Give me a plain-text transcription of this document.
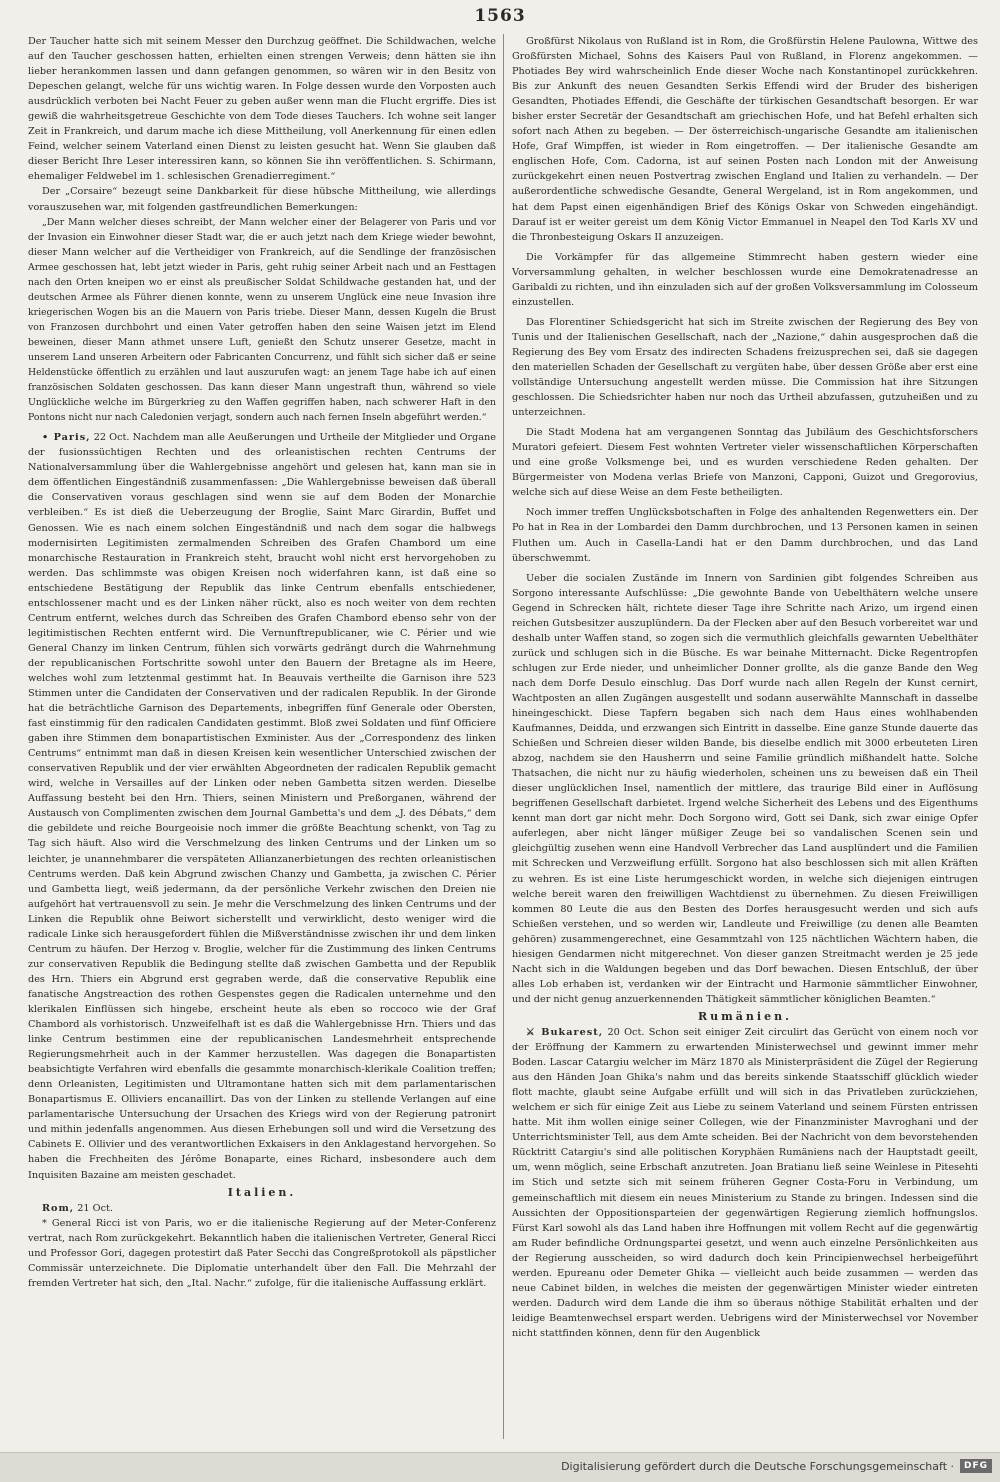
1563

Der Taucher hatte sich mit seinem Messer den Durchzug geöffnet. Die Schildwachen, welche auf den Taucher geschossen hatten, erhielten einen strengen Verweis; denn hätten sie ihn lieber herankommen lassen und dann gefangen genommen, so wären wir in den Besitz von Depeschen gelangt, welche für uns wichtig waren. In Folge dessen wurde den Vorposten auch ausdrücklich verboten bei Nacht Feuer zu geben außer wenn man die Flucht ergriffe. Dies ist gewiß die wahrheitsgetreue Geschichte von dem Tode dieses Tauchers. Ich wohne seit langer Zeit in Frankreich, und darum mache ich diese Mittheilung, voll Anerkennung für einen edlen Feind, welcher seinem Vaterland einen Dienst zu leisten gesucht hat. Wenn Sie glauben daß dieser Bericht Ihre Leser interessiren kann, so können Sie ihn veröffentlichen. S. Schirmann, ehemaliger Feldwebel im 1. schlesischen Grenadierregiment.“

Der „Corsaire“ bezeugt seine Dankbarkeit für diese hübsche Mittheilung, wie allerdings vorauszusehen war, mit folgenden gastfreundlichen Bemerkungen:

„Der Mann welcher dieses schreibt, der Mann welcher einer der Belagerer von Paris und vor der Invasion ein Einwohner dieser Stadt war, die er auch jetzt nach dem Kriege wieder bewohnt, dieser Mann welcher auf die Vertheidiger von Frankreich, auf die Sendlinge der französischen Armee geschossen hat, lebt jetzt wieder in Paris, geht ruhig seiner Arbeit nach und an Festtagen nach den Orten kneipen wo er einst als preußischer Soldat Schildwache gestanden hat, und der deutschen Armee als Führer dienen konnte, wenn zu unserem Unglück eine neue Invasion ihre kriegerischen Wogen bis an die Mauern von Paris triebe. Dieser Mann, dessen Kugeln die Brust von Franzosen durchbohrt und einen Vater getroffen haben den seine Waisen jetzt im Elend beweinen, dieser Mann athmet unsere Luft, genießt den Schutz unserer Gesetze, macht in unserem Land unseren Arbeitern oder Fabricanten Concurrenz, und fühlt sich sicher daß er seine Heldenstücke öffentlich zu erzählen und laut auszurufen wagt: an jenem Tage habe ich auf einen französischen Soldaten geschossen. Das kann dieser Mann ungestraft thun, während so viele Unglückliche welche im Bürgerkrieg zu den Waffen gegriffen haben, nach schwerer Haft in den Pontons nicht nur nach Caledonien verjagt, sondern auch nach fernen Inseln abgeführt werden.“

• Paris, 22 Oct. Nachdem man alle Aeußerungen und Urtheile der Mitglieder und Organe der fusionssüchtigen Rechten und des orleanistischen rechten Centrums der Nationalversammlung über die Wahlergebnisse angehört und gelesen hat, kann man sie in dem öffentlichen Eingeständniß zusammenfassen: „Die Wahlergebnisse beweisen daß überall die Conservativen voraus geschlagen sind wenn sie auf dem Boden der Monarchie verbleiben.“ Es ist dieß die Ueberzeugung der Broglie, Saint Marc Girardin, Buffet und Genossen. Wie es nach einem solchen Eingeständniß und nach dem sogar die halbwegs modernisirten Legitimisten zermalmenden Schreiben des Grafen Chambord um eine monarchische Restauration in Frankreich steht, braucht wohl nicht erst hervorgehoben zu werden. Das schlimmste was obigen Kreisen noch widerfahren kann, ist daß eine so entschiedene Bestätigung der Republik das linke Centrum ebenfalls entschiedener, entschlossener macht und es der Linken näher rückt, also es noch weiter von dem rechten Centrum entfernt, welches durch das Schreiben des Grafen Chambord ebenso sehr von der legitimistischen Rechten entfernt wird. Die Vernunftrepublicaner, wie C. Périer und wie General Chanzy im linken Centrum, fühlen sich vorwärts gedrängt durch die Wahrnehmung der republicanischen Fortschritte sowohl unter den Bauern der Bretagne als im Heere, welches wohl zum letztenmal gestimmt hat. In Beauvais vertheilte die Garnison ihre 523 Stimmen unter die Candidaten der Conservativen und der radicalen Republik. In der Gironde hat die beträchtliche Garnison des Departements, inbegriffen fünf Generale oder Obersten, fast einstimmig für den radicalen Candidaten gestimmt. Bloß zwei Soldaten und fünf Officiere gaben ihre Stimmen dem bonapartistischen Exminister. Aus der „Correspondenz des linken Centrums“ entnimmt man daß in diesen Kreisen kein wesentlicher Unterschied zwischen der conservativen Republik und der vier erwählten Abgeordneten der radicalen Republik gemacht wird, welche in Versailles auf der Linken oder neben Gambetta sitzen werden. Dieselbe Auffassung besteht bei den Hrn. Thiers, seinen Ministern und Preßorganen, während der Austausch von Complimenten zwischen dem Journal Gambetta's und dem „J. des Débats,“ dem die gebildete und reiche Bourgeoisie noch immer die größte Beachtung schenkt, von Tag zu Tag sich häuft. Also wird die Verschmelzung des linken Centrums und der Linken um so leichter, je unannehmbarer die verspäteten Allianzanerbietungen des rechten orleanistischen Centrums werden. Daß kein Abgrund zwischen Chanzy und Gambetta, ja zwischen C. Périer und Gambetta liegt, weiß jedermann, da der persönliche Verkehr zwischen den Dreien nie aufgehört hat vertrauensvoll zu sein. Je mehr die Verschmelzung des linken Centrums und der Linken die Republik ohne Beiwort sicherstellt und verwirklicht, desto weniger wird die radicale Linke sich herausgefordert fühlen die Mißverständnisse zwischen ihr und dem linken Centrum zu häufen. Der Herzog v. Broglie, welcher für die Zustimmung des linken Centrums zur conservativen Republik die Bedingung stellte daß zwischen Gambetta und der Republik des Hrn. Thiers ein Abgrund erst gegraben werde, daß die conservative Republik eine fanatische Angstreaction des rothen Gespenstes gegen die Radicalen unternehme und den klerikalen Einflüssen sich hingebe, erscheint heute als eben so roccoco wie der Graf Chambord als vorhistorisch. Unzweifelhaft ist es daß die Wahlergebnisse Hrn. Thiers und das linke Centrum bestimmen eine der republicanischen Landesmehrheit entsprechende Regierungsmehrheit auch in der Kammer herzustellen. Was dagegen die Bonapartisten beabsichtigte Verfahren wird ebenfalls die gesammte monarchisch-klerikale Coalition treffen; denn Orleanisten, Legitimisten und Ultramontane hatten sich mit dem parlamentarischen Bonapartismus E. Olliviers encanaillirt. Das von der Linken zu stellende Verlangen auf eine parlamentarische Untersuchung der Ursachen des Kriegs wird von der Regierung patronirt und mithin jedenfalls angenommen. Aus diesen Erhebungen soll und wird die Versetzung des Cabinets E. Ollivier und des verantwortlichen Exkaisers in den Anklagestand hervorgehen. So haben die Frechheiten des Jérôme Bonaparte, eines Richard, insbesondere auch dem Inquisiten Bazaine am meisten geschadet.

Italien.

Rom, 21 Oct.

* General Ricci ist von Paris, wo er die italienische Regierung auf der Meter-Conferenz vertrat, nach Rom zurückgekehrt. Bekanntlich haben die italienischen Vertreter, General Ricci und Professor Gori, dagegen protestirt daß Pater Secchi das Congreßprotokoll als päpstlicher Commissär unterzeichnete. Die Diplomatie unterhandelt über den Fall. Die Mehrzahl der fremden Vertreter hat sich, den „Ital. Nachr.“ zufolge, für die italienische Auffassung erklärt.

Großfürst Nikolaus von Rußland ist in Rom, die Großfürstin Helene Paulowna, Wittwe des Großfürsten Michael, Sohns des Kaisers Paul von Rußland, in Florenz angekommen. — Photiades Bey wird wahrscheinlich Ende dieser Woche nach Konstantinopel zurückkehren. Bis zur Ankunft des neuen Gesandten Serkis Effendi wird der Bruder des bisherigen Gesandten, Photiades Effendi, die Geschäfte der türkischen Gesandtschaft besorgen. Er war bisher erster Secretär der Gesandtschaft am griechischen Hofe, und hat Befehl erhalten sich sofort nach Athen zu begeben. — Der österreichisch-ungarische Gesandte am italienischen Hofe, Graf Wimpffen, ist wieder in Rom eingetroffen. — Der italienische Gesandte am englischen Hofe, Com. Cadorna, ist auf seinen Posten nach London mit der Anweisung zurückgekehrt einen neuen Postvertrag zwischen England und Italien zu verhandeln. — Der außerordentliche schwedische Gesandte, General Wergeland, ist in Rom angekommen, und hat dem Papst einen eigenhändigen Brief des Königs Oskar von Schweden eingehändigt. Darauf ist er weiter gereist um dem König Victor Emmanuel in Neapel den Tod Karls XV und die Thronbesteigung Oskars II anzuzeigen.

Die Vorkämpfer für das allgemeine Stimmrecht haben gestern wieder eine Vorversammlung gehalten, in welcher beschlossen wurde eine Demokratenadresse an Garibaldi zu richten, und ihn einzuladen sich auf der großen Volksversammlung im Colosseum einzustellen.

Das Florentiner Schiedsgericht hat sich im Streite zwischen der Regierung des Bey von Tunis und der Italienischen Gesellschaft, nach der „Nazione,“ dahin ausgesprochen daß die Regierung des Bey vom Ersatz des indirecten Schadens freizusprechen sei, daß sie dagegen den materiellen Schaden der Gesellschaft zu vergüten habe, über dessen Größe aber erst eine vollständige Untersuchung angestellt werden müsse. Die Commission hat ihre Sitzungen geschlossen. Die Schiedsrichter haben nur noch das Urtheil abzufassen, gutzuheißen und zu unterzeichnen.

Die Stadt Modena hat am vergangenen Sonntag das Jubiläum des Geschichtsforschers Muratori gefeiert. Diesem Fest wohnten Vertreter vieler wissenschaftlichen Körperschaften und eine große Volksmenge bei, und es wurden verschiedene Reden gehalten. Der Bürgermeister von Modena verlas Briefe von Manzoni, Capponi, Guizot und Gregorovius, welche sich auf diese Weise an dem Feste betheiligten.

Noch immer treffen Unglücksbotschaften in Folge des anhaltenden Regenwetters ein. Der Po hat in Rea in der Lombardei den Damm durchbrochen, und 13 Personen kamen in seinen Fluthen um. Auch in Casella-Landi hat er den Damm durchbrochen, und das Land überschwemmt.

Ueber die socialen Zustände im Innern von Sardinien gibt folgendes Schreiben aus Sorgono interessante Aufschlüsse: „Die gewohnte Bande von Uebelthätern welche unsere Gegend in Schrecken hält, richtete dieser Tage ihre Schritte nach Arizo, um irgend einen reichen Gutsbesitzer auszuplündern. Da der Flecken aber auf den Besuch vorbereitet war und deshalb unter Waffen stand, so zogen sich die vermuthlich gleichfalls gewarnten Uebelthäter zurück und schlugen sich in die Büsche. Es war beinahe Mitternacht. Dicke Regentropfen schlugen zur Erde nieder, und unheimlicher Donner grollte, als die ganze Bande den Weg nach dem Dorfe Desulo einschlug. Das Dorf wurde nach allen Regeln der Kunst cernirt, Wachtposten an allen Zugängen ausgestellt und sodann auserwählte Mannschaft in dasselbe hineingeschickt. Diese Tapfern begaben sich nach dem Haus eines wohlhabenden Kaufmannes, Deidda, und erzwangen sich Eintritt in dasselbe. Eine ganze Stunde dauerte das Schießen und Schreien dieser wilden Bande, bis dieselbe endlich mit 3000 erbeuteten Liren abzog, nachdem sie den Hausherrn und seine Familie gründlich mißhandelt hatte. Solche Thatsachen, die nicht nur zu häufig wiederholen, scheinen uns zu beweisen daß ein Theil dieser unglücklichen Insel, namentlich der mittlere, das traurige Bild einer in Auflösung begriffenen Gesellschaft darbietet. Irgend welche Sicherheit des Lebens und des Eigenthums kennt man dort gar nicht mehr. Doch Sorgono wird, Gott sei Dank, sich zwar einige Opfer auferlegen, aber nicht länger müßiger Zeuge bei so vandalischen Scenen sein und gleichgültig zusehen wenn eine Handvoll Verbrecher das Land ausplündert und die Familien mit Schrecken und Verzweiflung erfüllt. Sorgono hat also beschlossen sich mit allen Kräften zu wehren. Es ist eine Liste herumgeschickt worden, in welche sich diejenigen eintrugen welche bereit waren den freiwilligen Wachtdienst zu übernehmen. Zu diesen Freiwilligen kommen 80 Leute die aus den Besten des Dorfes herausgesucht werden und sich aufs Schießen verstehen, und so werden wir, Landleute und Freiwillige (zu denen alle Beamten gehören) zusammengerechnet, eine Gesammtzahl von 125 nächtlichen Wächtern haben, die hiesigen Gendarmen nicht mitgerechnet. Von dieser ganzen Streitmacht werden je 25 jede Nacht sich in die Waldungen begeben und das Dorf bewachen. Diesen Entschluß, der über alles Lob erhaben ist, verdanken wir der Eintracht und Harmonie sämmtlicher Einwohner, und der nicht genug anzuerkennenden Thätigkeit sämmtlicher königlichen Beamten.“

Rumänien.

⚔ Bukarest, 20 Oct. Schon seit einiger Zeit circulirt das Gerücht von einem noch vor der Eröffnung der Kammern zu erwartenden Ministerwechsel und gewinnt immer mehr Boden. Lascar Catargiu welcher im März 1870 als Ministerpräsident die Zügel der Regierung aus den Händen Joan Ghika's nahm und das bereits sinkende Staatsschiff glücklich wieder flott machte, glaubt seine Aufgabe erfüllt und will sich in das Privatleben zurückziehen, welchem er sich für einige Zeit aus Liebe zu seinem Vaterland und seinem Fürsten entrissen hatte. Mit ihm wollen einige seiner Collegen, wie der Finanzminister Mavroghani und der Unterrichtsminister Tell, aus dem Amte scheiden. Bei der Nachricht von dem bevorstehenden Rücktritt Catargiu's sind alle politischen Koryphäen Rumäniens nach der Hauptstadt geeilt, um, wenn möglich, seine Erbschaft anzutreten. Joan Bratianu ließ seine Weinlese in Pitesehti im Stich und setzte sich mit seinem früheren Gegner Costa-Foru in Verbindung, um gemeinschaftlich mit diesem ein neues Ministerium zu Stande zu bringen. Indessen sind die Aussichten der Oppositionsparteien der gegenwärtigen Regierung ziemlich hoffnungslos. Fürst Karl sowohl als das Land haben ihre Hoffnungen mit vollem Recht auf die gegenwärtig am Ruder befindliche Ordnungspartei gesetzt, und wenn auch einzelne Persönlichkeiten aus der Regierung ausscheiden, so wird dadurch doch kein Principienwechsel herbeigeführt werden. Epureanu oder Demeter Ghika — vielleicht auch beide zusammen — werden das neue Cabinet bilden, in welches die meisten der gegenwärtigen Minister wieder eintreten werden. Dadurch wird dem Lande die ihm so überaus nöthige Stabilität erhalten und der leidige Beamtenwechsel erspart werden. Uebrigens wird der Ministerwechsel vor November nicht stattfinden können, denn für den Augenblick

Digitalisierung gefördert durch die Deutsche Forschungsgemeinschaft ·	DFG
